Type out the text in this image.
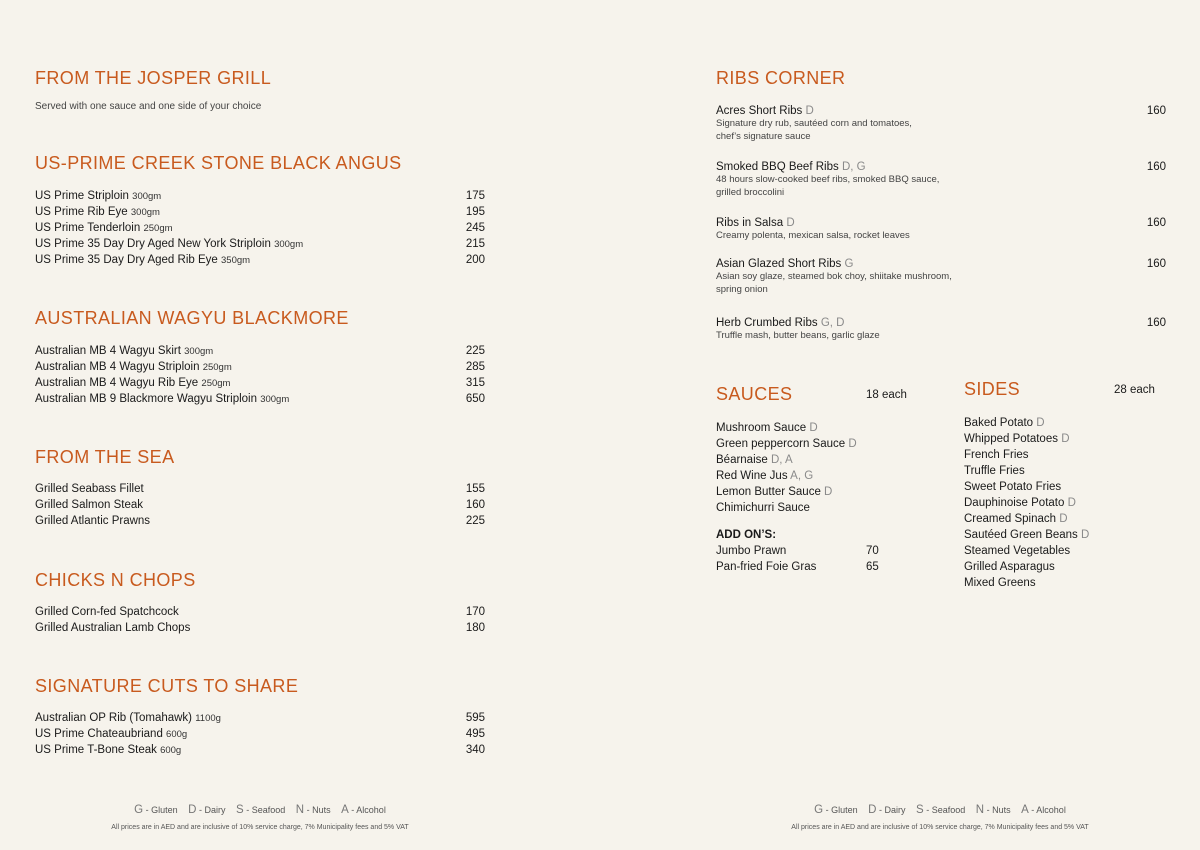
FROM THE JOSPER GRILL
Served with one sauce and one side of your choice
US-PRIME CREEK STONE BLACK ANGUS
US Prime Striploin 300gm	175
US Prime Rib Eye 300gm	195
US Prime Tenderloin 250gm	245
US Prime 35 Day Dry Aged New York Striploin 300gm	215
US Prime 35 Day Dry Aged Rib Eye 350gm	200
AUSTRALIAN WAGYU BLACKMORE
Australian MB 4 Wagyu Skirt 300gm	225
Australian MB 4 Wagyu Striploin 250gm	285
Australian MB 4 Wagyu Rib Eye 250gm	315
Australian MB 9 Blackmore Wagyu Striploin 300gm	650
FROM THE SEA
Grilled Seabass Fillet	155
Grilled Salmon Steak	160
Grilled Atlantic Prawns	225
CHICKS N CHOPS
Grilled Corn-fed Spatchcock	170
Grilled Australian Lamb Chops	180
SIGNATURE CUTS TO SHARE
Australian OP Rib (Tomahawk) 1100g	595
US Prime Chateaubriand 600g	495
US Prime T-Bone Steak 600g	340
G - Gluten D - Dairy S - Seafood N - Nuts A - Alcohol
All prices are in AED and are inclusive of 10% service charge, 7% Municipality fees and 5% VAT
RIBS CORNER
Acres Short Ribs D
Signature dry rub, sautéed corn and tomatoes,
chef’s signature sauce
160
Smoked BBQ Beef Ribs D, G
48 hours slow-cooked beef ribs, smoked BBQ sauce,
grilled broccolini
160
Ribs in Salsa D
Creamy polenta, mexican salsa, rocket leaves
160
Asian Glazed Short Ribs G
Asian soy glaze, steamed bok choy, shiitake mushroom,
spring onion
160
Herb Crumbed Ribs G, D
Truffle mash, butter beans, garlic glaze
160
SAUCES	18 each
Mushroom Sauce D
Green peppercorn Sauce D
Béarnaise D, A
Red Wine Jus A, G
Lemon Butter Sauce D
Chimichurri Sauce
ADD ON’S:
Jumbo Prawn	70
Pan-fried Foie Gras	65
SIDES	28 each
Baked Potato D
Whipped Potatoes D
French Fries
Truffle Fries
Sweet Potato Fries
Dauphinoise Potato D
Creamed Spinach D
Sautéed Green Beans D
Steamed Vegetables
Grilled Asparagus
Mixed Greens
G - Gluten D - Dairy S - Seafood N - Nuts A - Alcohol
All prices are in AED and are inclusive of 10% service charge, 7% Municipality fees and 5% VAT
